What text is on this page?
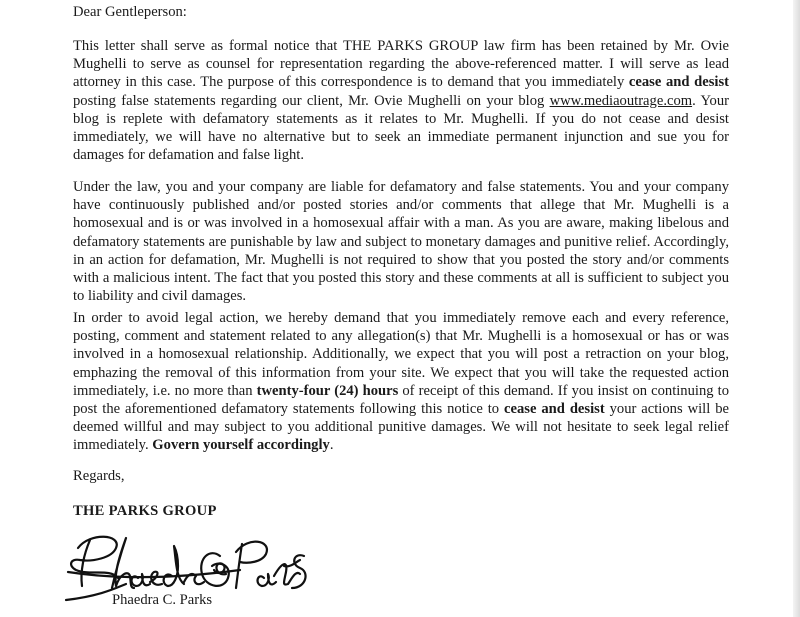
Dear Gentleperson:

This letter shall serve as formal notice that THE PARKS GROUP law firm has been retained by Mr. Ovie Mughelli to serve as counsel for representation regarding the above-referenced matter. I will serve as lead attorney in this case. The purpose of this correspondence is to demand that you immediately cease and desist posting false statements regarding our client, Mr. Ovie Mughelli on your blog www.mediaoutrage.com. Your blog is replete with defamatory statements as it relates to Mr. Mughelli. If you do not cease and desist immediately, we will have no alternative but to seek an immediate permanent injunction and sue you for damages for defamation and false light.

Under the law, you and your company are liable for defamatory and false statements. You and your company have continuously published and/or posted stories and/or comments that allege that Mr. Mughelli is a homosexual and is or was involved in a homosexual affair with a man. As you are aware, making libelous and defamatory statements are punishable by law and subject to monetary damages and punitive relief. Accordingly, in an action for defamation, Mr. Mughelli is not required to show that you posted the story and/or comments with a malicious intent. The fact that you posted this story and these comments at all is sufficient to subject you to liability and civil damages.

In order to avoid legal action, we hereby demand that you immediately remove each and every reference, posting, comment and statement related to any allegation(s) that Mr. Mughelli is a homosexual or has or was involved in a homosexual relationship. Additionally, we expect that you will post a retraction on your blog, emphazing the removal of this information from your site. We expect that you will take the requested action immediately, i.e. no more than twenty-four (24) hours of receipt of this demand. If you insist on continuing to post the aforementioned defamatory statements following this notice to cease and desist your actions will be deemed willful and may subject to you additional punitive damages. We will not hesitate to seek legal relief immediately. Govern yourself accordingly.

Regards,
THE PARKS GROUP
Phaedra C. Parks
